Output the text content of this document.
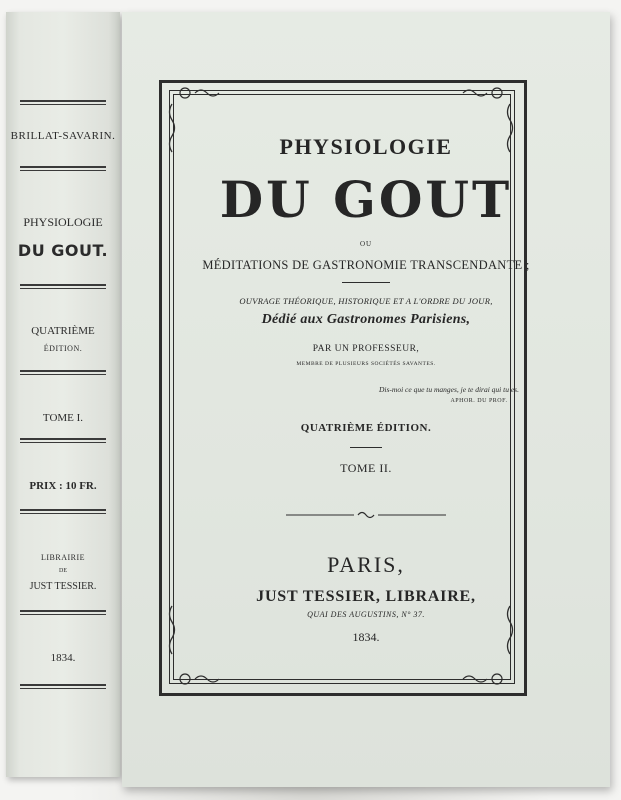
BRILLAT-SAVARIN.
PHYSIOLOGIE
DU GOUT.
QUATRIÈME
ÉDITION.
TOME I.
PRIX : 10 FR.
LIBRAIRIE
DE
JUST TESSIER.
1834.
PHYSIOLOGIE
DU GOUT
OU
MÉDITATIONS DE GASTRONOMIE TRANSCENDANTE ;
OUVRAGE THÉORIQUE, HISTORIQUE ET A L'ORDRE DU JOUR,
Dédié aux Gastronomes Parisiens,
PAR UN PROFESSEUR,
MEMBRE DE PLUSIEURS SOCIÉTÉS SAVANTES.
Dis-moi ce que tu manges, je te dirai qui tu es.
APHOR. DU PROF.
QUATRIÈME ÉDITION.
TOME II.
PARIS,
JUST TESSIER, LIBRAIRE,
QUAI DES AUGUSTINS, N° 37.
1834.
